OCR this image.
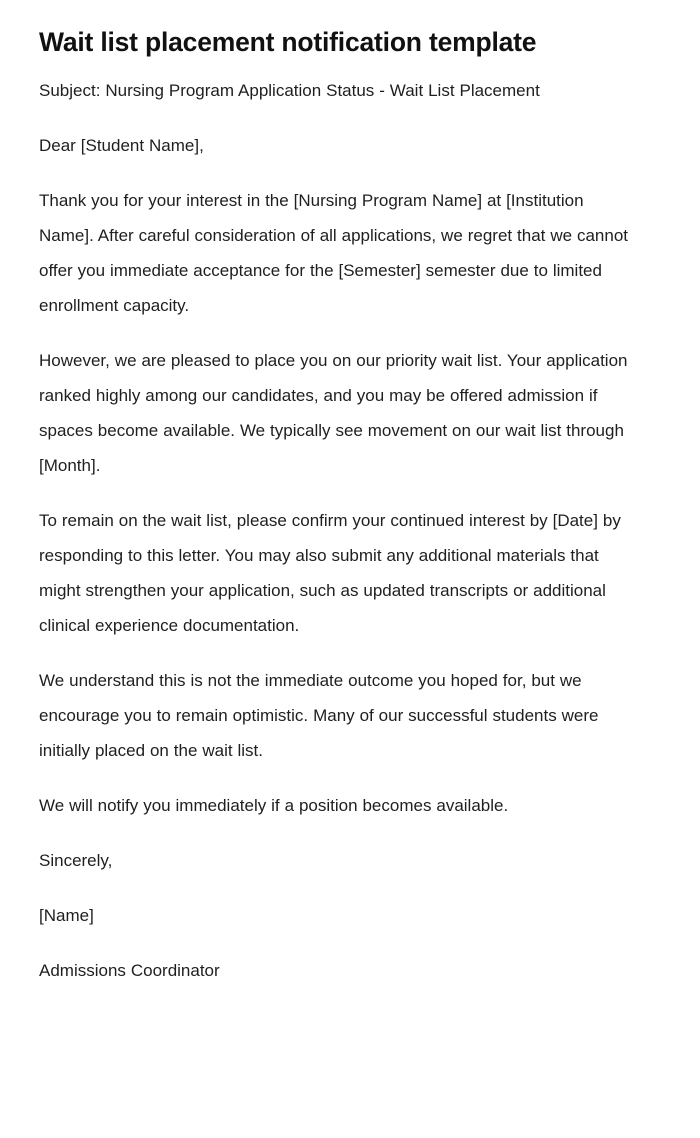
Wait list placement notification template

Subject: Nursing Program Application Status - Wait List Placement

Dear [Student Name],

Thank you for your interest in the [Nursing Program Name] at [Institution Name]. After careful consideration of all applications, we regret that we cannot offer you immediate acceptance for the [Semester] semester due to limited enrollment capacity.

However, we are pleased to place you on our priority wait list. Your application ranked highly among our candidates, and you may be offered admission if spaces become available. We typically see movement on our wait list through [Month].

To remain on the wait list, please confirm your continued interest by [Date] by responding to this letter. You may also submit any additional materials that might strengthen your application, such as updated transcripts or additional clinical experience documentation.

We understand this is not the immediate outcome you hoped for, but we encourage you to remain optimistic. Many of our successful students were initially placed on the wait list.

We will notify you immediately if a position becomes available.

Sincerely,

[Name]

Admissions Coordinator
